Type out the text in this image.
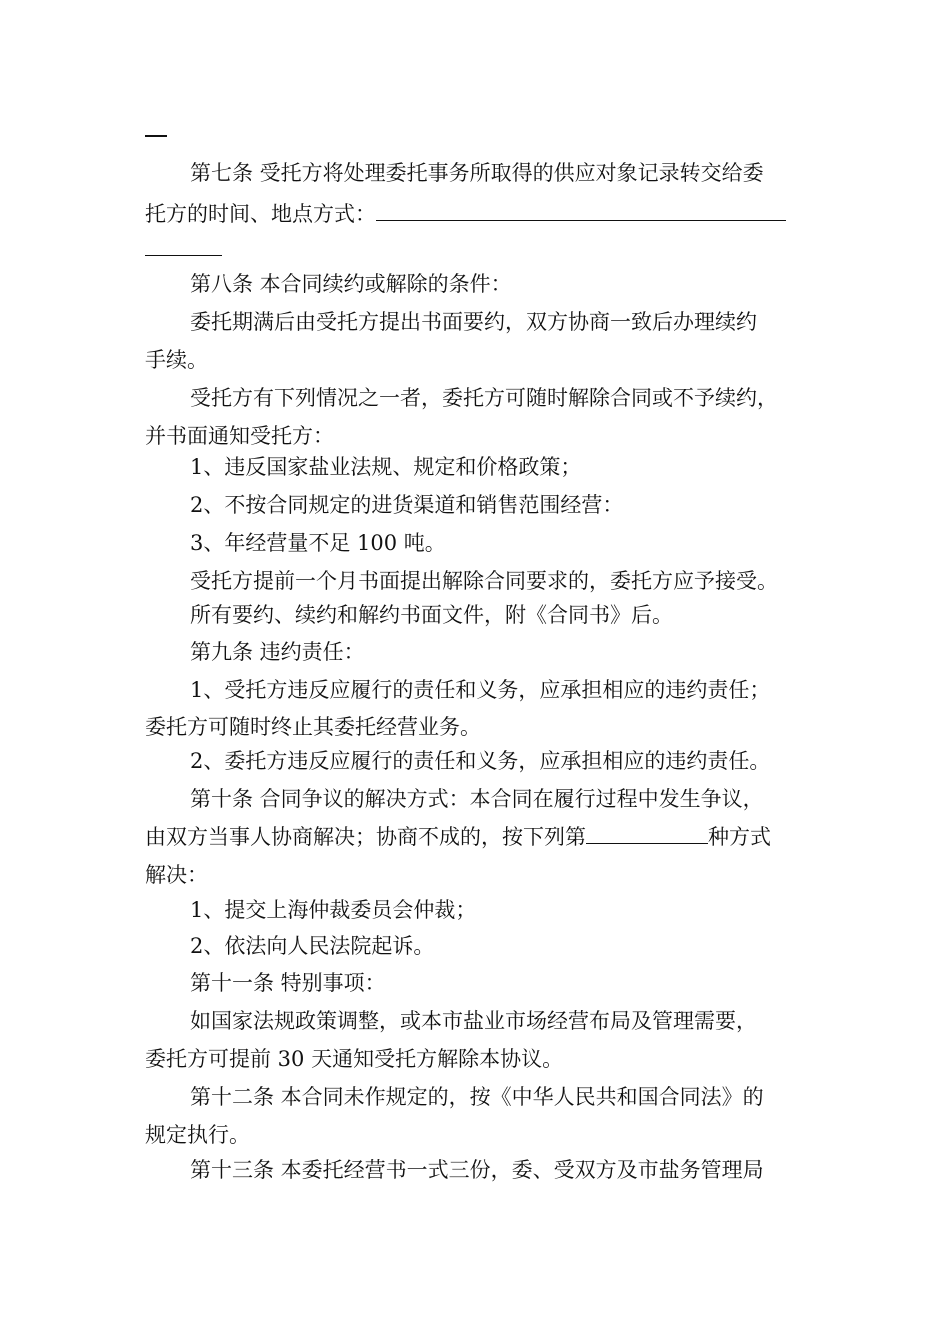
第七条 受托方将处理委托事务所取得的供应对象记录转交给委
托方的时间、地点方式：
第八条 本合同续约或解除的条件：
委托期满后由受托方提出书面要约，双方协商一致后办理续约
手续。
受托方有下列情况之一者，委托方可随时解除合同或不予续约，
并书面通知受托方：
1、违反国家盐业法规、规定和价格政策；
2、不按合同规定的进货渠道和销售范围经营：
3、年经营量不足 100 吨。
受托方提前一个月书面提出解除合同要求的，委托方应予接受。
所有要约、续约和解约书面文件，附《合同书》后。
第九条 违约责任：
1、受托方违反应履行的责任和义务，应承担相应的违约责任；
委托方可随时终止其委托经营业务。
2、委托方违反应履行的责任和义务，应承担相应的违约责任。
第十条 合同争议的解决方式：本合同在履行过程中发生争议，
由双方当事人协商解决；协商不成的，按下列第	种方式
解决：
1、提交上海仲裁委员会仲裁；
2、依法向人民法院起诉。
第十一条 特别事项：
如国家法规政策调整，或本市盐业市场经营布局及管理需要，
委托方可提前 30 天通知受托方解除本协议。
第十二条 本合同未作规定的，按《中华人民共和国合同法》的
规定执行。
第十三条 本委托经营书一式三份，委、受双方及市盐务管理局
